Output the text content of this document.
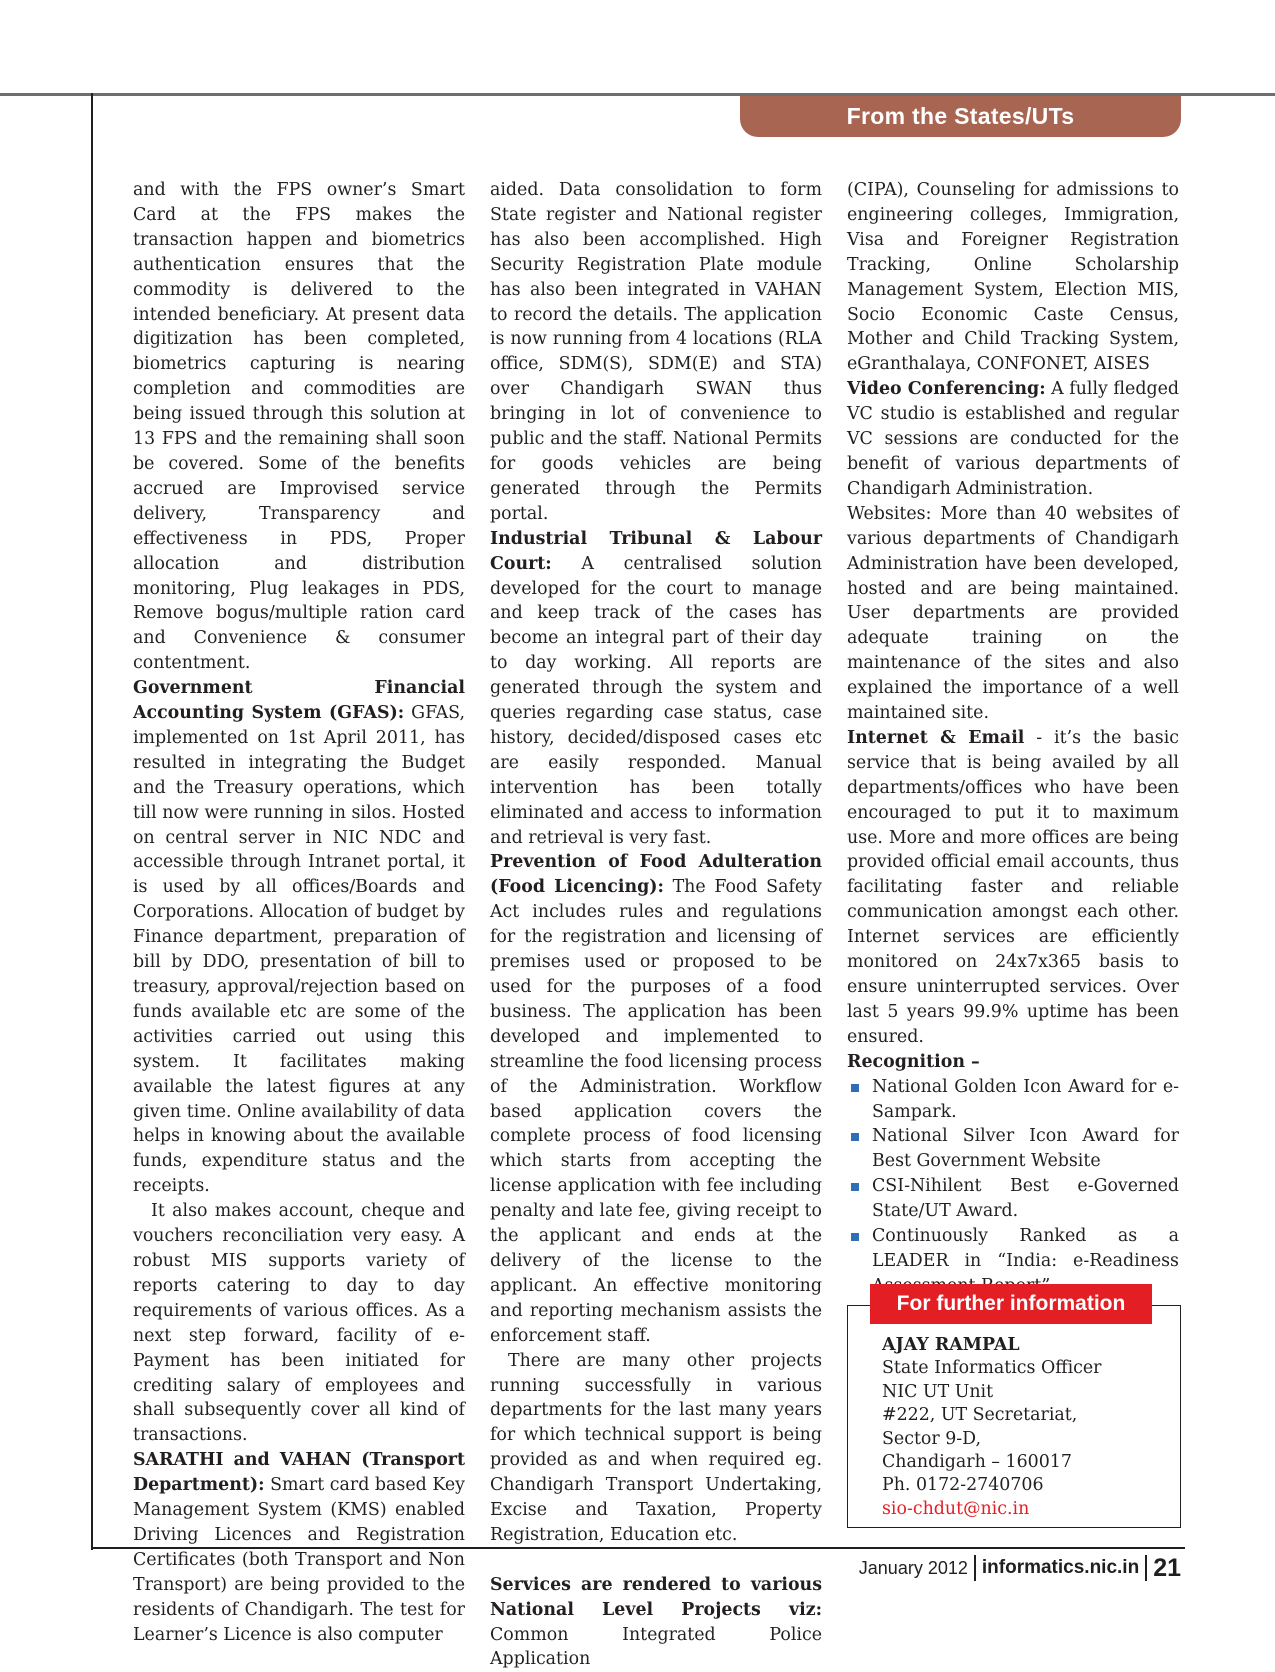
From the States/UTs

and with the FPS owner’s Smart Card at the FPS makes the transaction happen and biometrics authentication ensures that the commodity is delivered to the intended beneficiary. At present data digitization has been completed, biometrics capturing is nearing completion and commodities are being issued through this solution at 13 FPS and the remaining shall soon be covered. Some of the benefits accrued are Improvised service delivery, Transparency and effectiveness in PDS, Proper allocation and distribution monitoring, Plug leakages in PDS, Remove bogus/multiple ration card and Convenience & consumer contentment.

Government Financial Accounting System (GFAS): GFAS, implemented on 1st April 2011, has resulted in integrating the Budget and the Treasury operations, which till now were running in silos. Hosted on central server in NIC NDC and accessible through Intranet portal, it is used by all offices/Boards and Corporations. Allocation of budget by Finance department, preparation of bill by DDO, presentation of bill to treasury, approval/rejection based on funds available etc are some of the activities carried out using this system. It facilitates making available the latest figures at any given time. Online availability of data helps in knowing about the available funds, expenditure status and the receipts.

It also makes account, cheque and vouchers reconciliation very easy. A robust MIS supports variety of reports catering to day to day requirements of various offices. As a next step forward, facility of e-Payment has been initiated for crediting salary of employees and shall subsequently cover all kind of transactions.

SARATHI and VAHAN (Transport Department): Smart card based Key Management System (KMS) enabled Driving Licences and Registration Certificates (both Transport and Non Transport) are being provided to the residents of Chandigarh. The test for Learner’s Licence is also computer

aided. Data consolidation to form State register and National register has also been accomplished. High Security Registration Plate module has also been integrated in VAHAN to record the details. The application is now running from 4 locations (RLA office, SDM(S), SDM(E) and STA) over Chandigarh SWAN thus bringing in lot of convenience to public and the staff. National Permits for goods vehicles are being generated through the Permits portal.

Industrial Tribunal & Labour Court: A centralised solution developed for the court to manage and keep track of the cases has become an integral part of their day to day working. All reports are generated through the system and queries regarding case status, case history, decided/disposed cases etc are easily responded. Manual intervention has been totally eliminated and access to information and retrieval is very fast.

Prevention of Food Adulteration (Food Licencing): The Food Safety Act includes rules and regulations for the registration and licensing of premises used or proposed to be used for the purposes of a food business. The application has been developed and implemented to streamline the food licensing process of the Administration. Workflow based application covers the complete process of food licensing which starts from accepting the license application with fee including penalty and late fee, giving receipt to the applicant and ends at the delivery of the license to the applicant. An effective monitoring and reporting mechanism assists the enforcement staff.

There are many other projects running successfully in various departments for the last many years for which technical support is being provided as and when required eg. Chandigarh Transport Undertaking, Excise and Taxation, Property Registration, Education etc.

Services are rendered to various National Level Projects viz: Common Integrated Police Application

(CIPA), Counseling for admissions to engineering colleges, Immigration, Visa and Foreigner Registration Tracking, Online Scholarship Management System, Election MIS, Socio Economic Caste Census, Mother and Child Tracking System, eGranthalaya, CONFONET, AISES

Video Conferencing: A fully fledged VC studio is established and regular VC sessions are conducted for the benefit of various departments of Chandigarh Administration.

Websites: More than 40 websites of various departments of Chandigarh Administration have been developed, hosted and are being maintained. User departments are provided adequate training on the maintenance of the sites and also explained the importance of a well maintained site.

Internet & Email - it’s the basic service that is being availed by all departments/offices who have been encouraged to put it to maximum use. More and more offices are being provided official email accounts, thus facilitating faster and reliable communication amongst each other. Internet services are efficiently monitored on 24x7x365 basis to ensure uninterrupted services. Over last 5 years 99.9% uptime has been ensured.

Recognition –

National Golden Icon Award for e-Sampark.
National Silver Icon Award for Best Government Website
CSI-Nihilent Best e-Governed State/UT Award.
Continuously Ranked as a LEADER in “India: e-Readiness
For further information
AJAY RAMPAL
State Informatics Officer
NIC UT Unit
#222, UT Secretariat,
Sector 9-D,
Chandigarh – 160017
Ph. 0172-2740706
sio-chdut@nic.in
January 2012 informatics.nic.in 21
